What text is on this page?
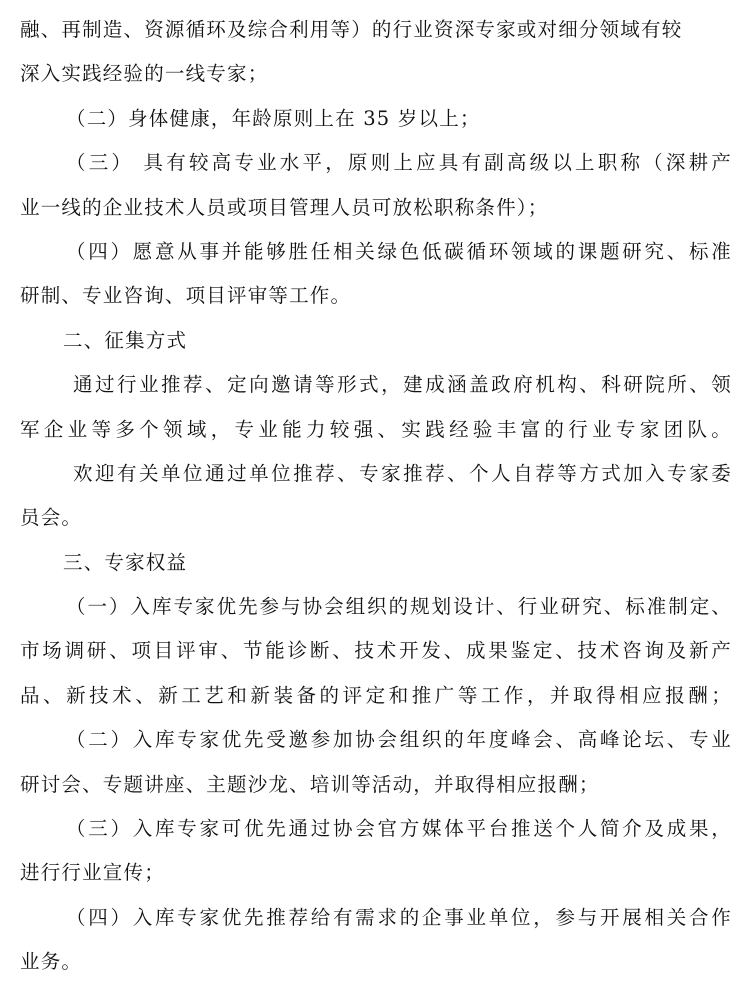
融、再制造、资源循环及综合利用等）的行业资深专家或对细分领域有较
深入实践经验的一线专家；
（二）身体健康，年龄原则上在 35 岁以上；
（三） 具有较高专业水平，原则上应具有副高级以上职称（深耕产
业一线的企业技术人员或项目管理人员可放松职称条件）；
（四）愿意从事并能够胜任相关绿色低碳循环领域的课题研究、标准
研制、专业咨询、项目评审等工作。
二、征集方式
通过行业推荐、定向邀请等形式，建成涵盖政府机构、科研院所、领
军企业等多个领域，专业能力较强、实践经验丰富的行业专家团队。
欢迎有关单位通过单位推荐、专家推荐、个人自荐等方式加入专家委
员会。
三、专家权益
（一）入库专家优先参与协会组织的规划设计、行业研究、标准制定、
市场调研、项目评审、节能诊断、技术开发、成果鉴定、技术咨询及新产
品、新技术、新工艺和新装备的评定和推广等工作，并取得相应报酬；
（二）入库专家优先受邀参加协会组织的年度峰会、高峰论坛、专业
研讨会、专题讲座、主题沙龙、培训等活动，并取得相应报酬；
（三）入库专家可优先通过协会官方媒体平台推送个人简介及成果，
进行行业宣传；
（四）入库专家优先推荐给有需求的企事业单位，参与开展相关合作
业务。
